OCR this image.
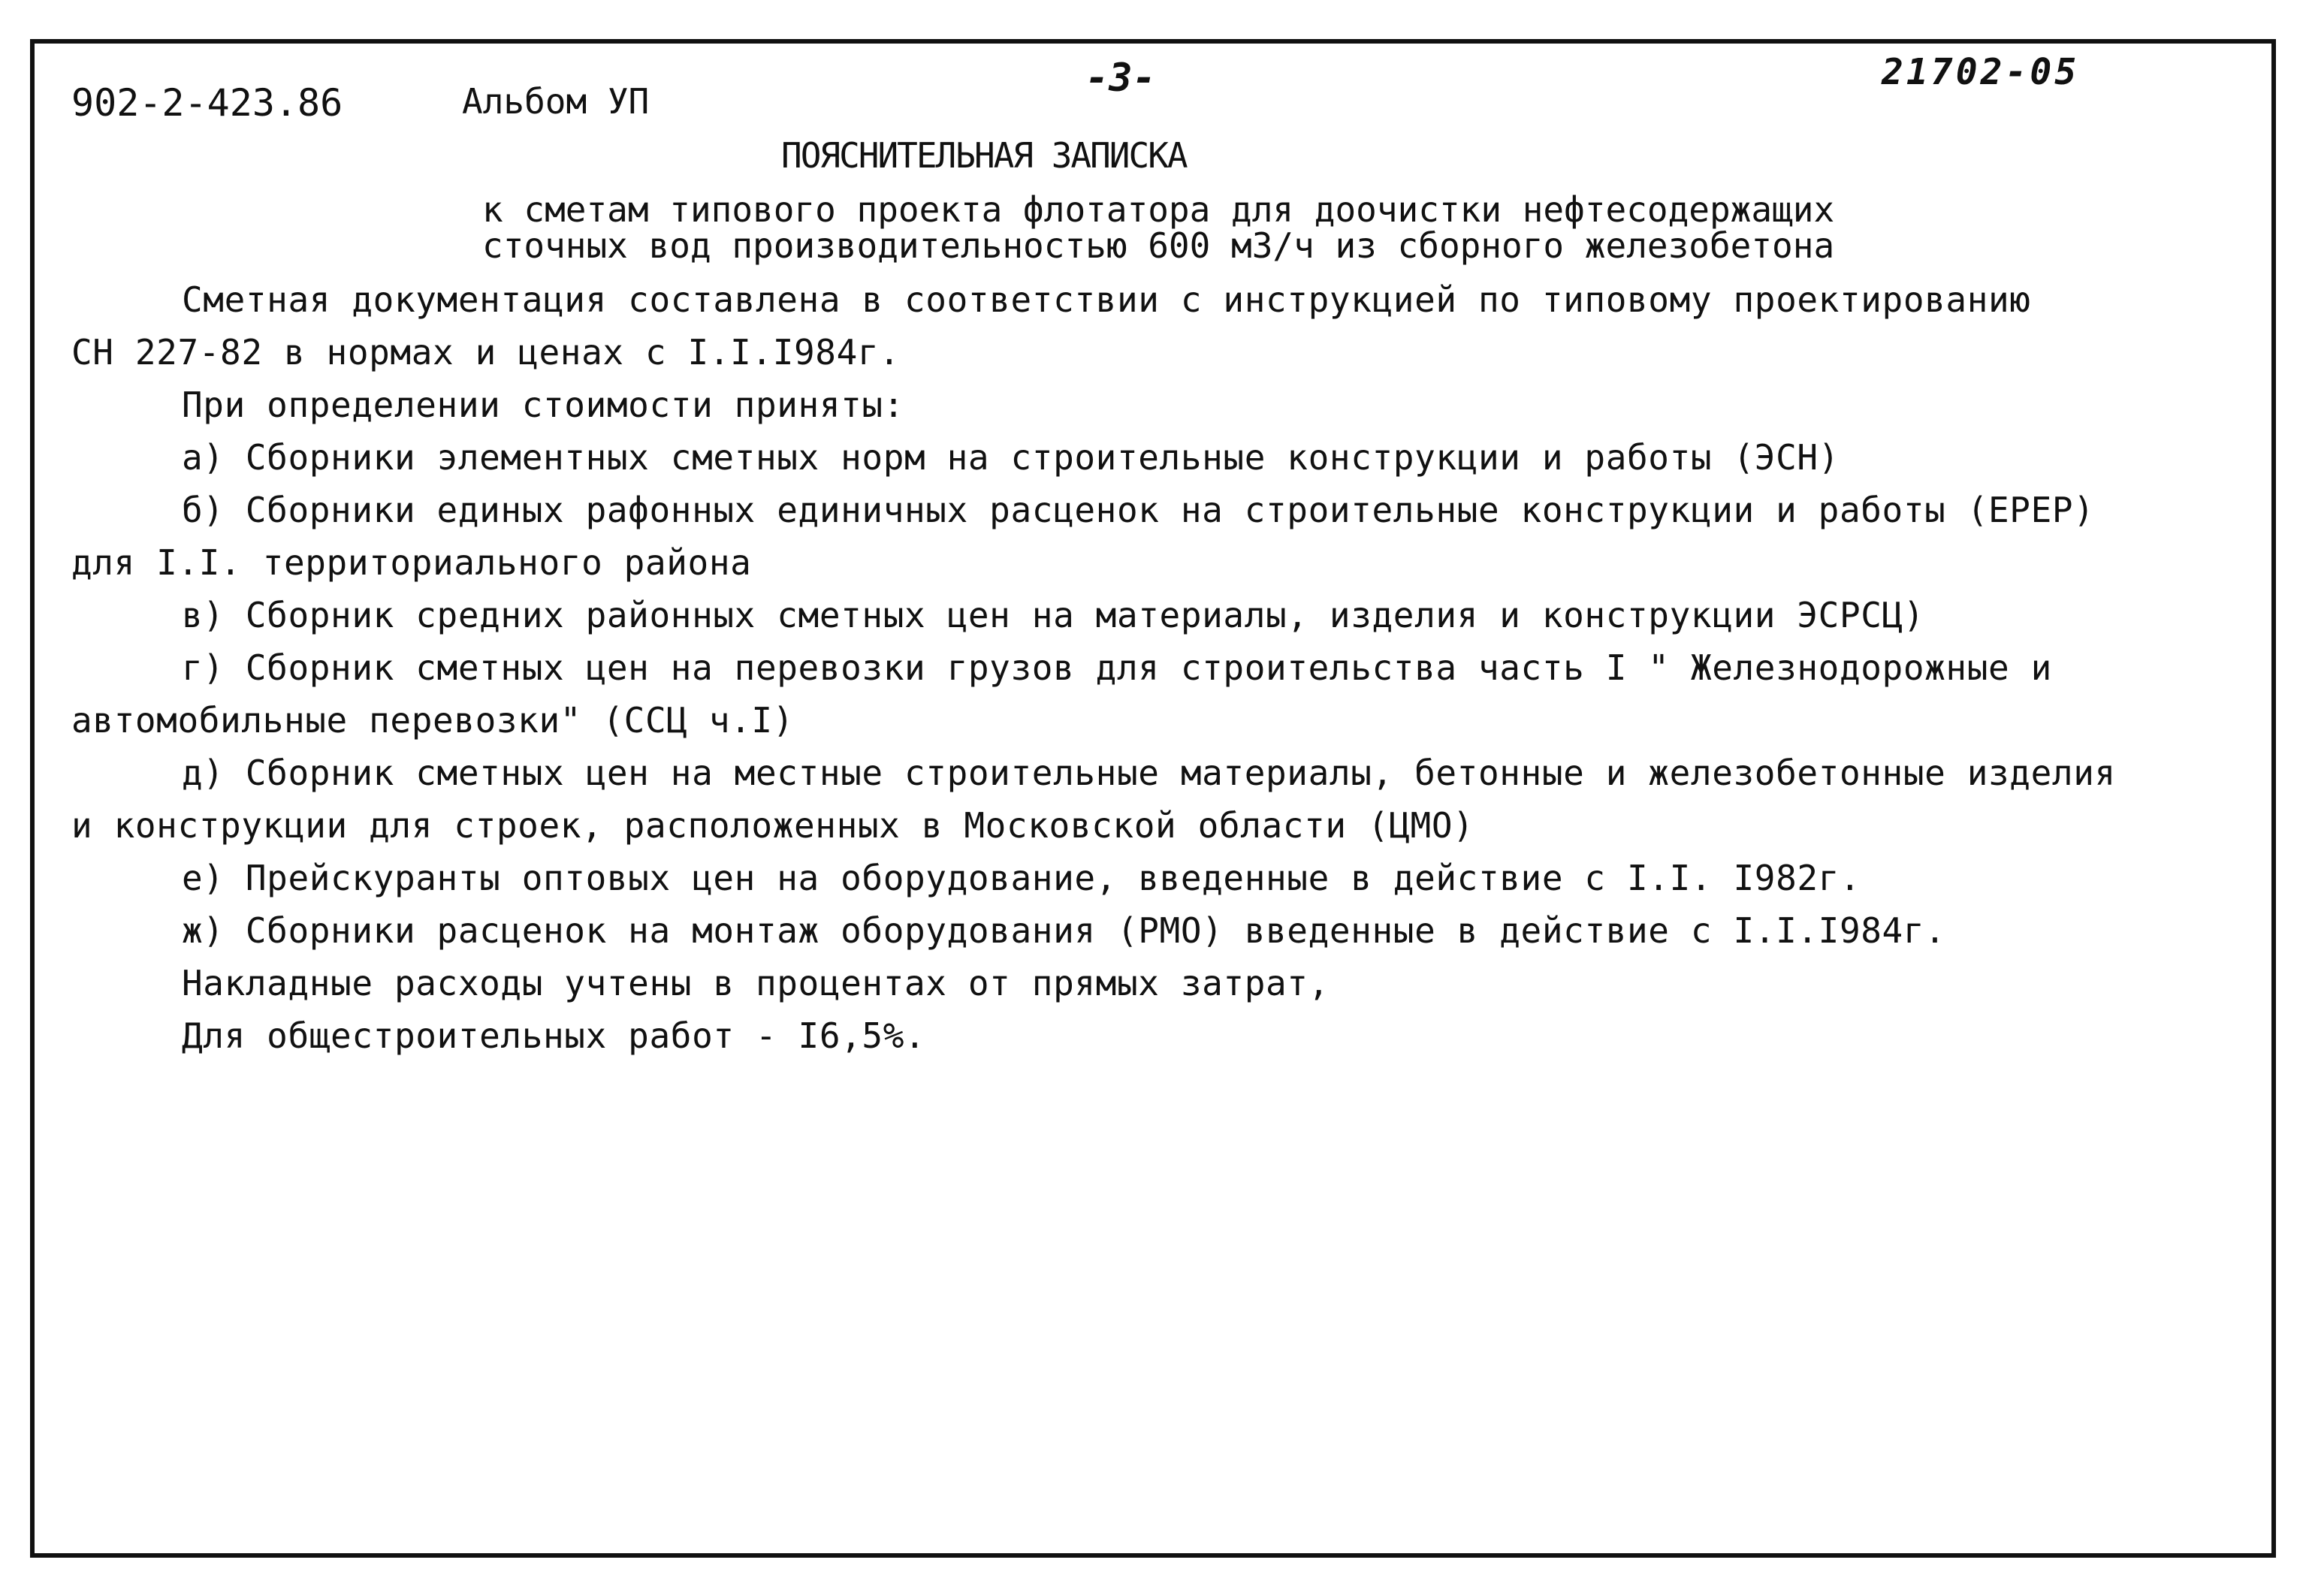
902-2-423.86	Альбом УП
-3-	21702-05
ПОЯСНИТЕЛЬНАЯ ЗАПИСКА
к сметам типового проекта флотатора для доочистки нефтесодержащих
сточных вод производительностью 600 м3/ч из сборного железобетона
Сметная документация составлена в соответствии с инструкцией по типовому проектированию
СН 227-82 в нормах и ценах с I.I.I984г.
При определении стоимости приняты:
а) Сборники элементных сметных норм на строительные конструкции и работы (ЭСН)
б) Сборники единых рафонных единичных расценок на строительные конструкции и работы (ЕРЕР)
для I.I. территориального района
в) Сборник средних районных сметных цен на материалы, изделия и конструкции ЭСРСЦ)
г) Сборник сметных цен на перевозки грузов для строительства часть I " Железнодорожные и
автомобильные перевозки" (ССЦ ч.I)
д) Сборник сметных цен на местные строительные материалы, бетонные и железобетонные изделия
и конструкции для строек, расположенных в Московской области (ЦМО)
е) Прейскуранты оптовых цен на оборудование, введенные в действие с I.I. I982г.
ж) Сборники расценок на монтаж оборудования (РМО) введенные в действие с I.I.I984г.
Накладные расходы учтены в процентах от прямых затрат,
Для общестроительных работ - I6,5%.
